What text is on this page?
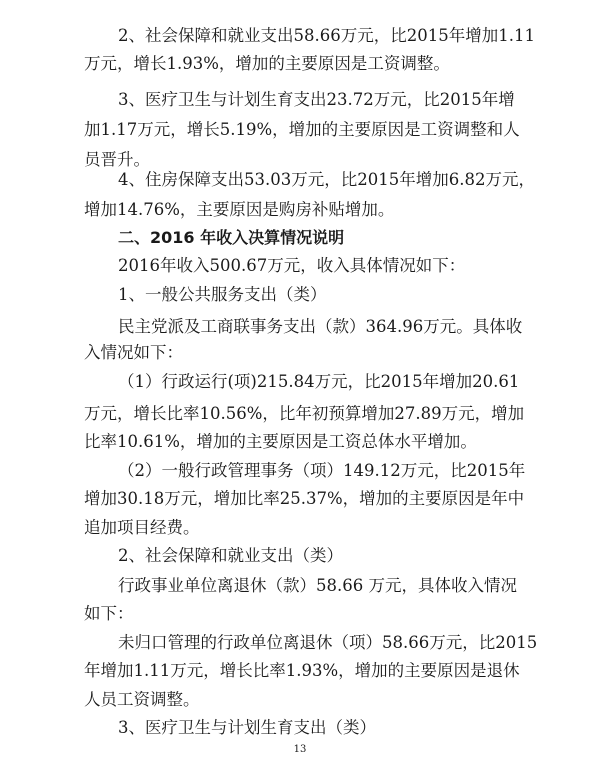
2、社会保障和就业支出58.66万元，比2015年增加1.11
万元，增长1.93%，增加的主要原因是工资调整。
3、医疗卫生与计划生育支出23.72万元，比2015年增
加1.17万元，增长5.19%，增加的主要原因是工资调整和人
员晋升。
4、住房保障支出53.03万元，比2015年增加6.82万元，
增加14.76%，主要原因是购房补贴增加。
二、2016 年收入决算情况说明
2016年收入500.67万元，收入具体情况如下：
1、一般公共服务支出（类）
民主党派及工商联事务支出（款）364.96万元。具体收
入情况如下：
（1）行政运行(项)215.84万元，比2015年增加20.61
万元，增长比率10.56%，比年初预算增加27.89万元，增加
比率10.61%，增加的主要原因是工资总体水平增加。
（2）一般行政管理事务（项）149.12万元，比2015年
增加30.18万元，增加比率25.37%，增加的主要原因是年中
追加项目经费。
2、社会保障和就业支出（类）
行政事业单位离退休（款）58.66 万元，具体收入情况
如下：
未归口管理的行政单位离退休（项）58.66万元，比2015
年增加1.11万元，增长比率1.93%，增加的主要原因是退休
人员工资调整。
3、医疗卫生与计划生育支出（类）
13
